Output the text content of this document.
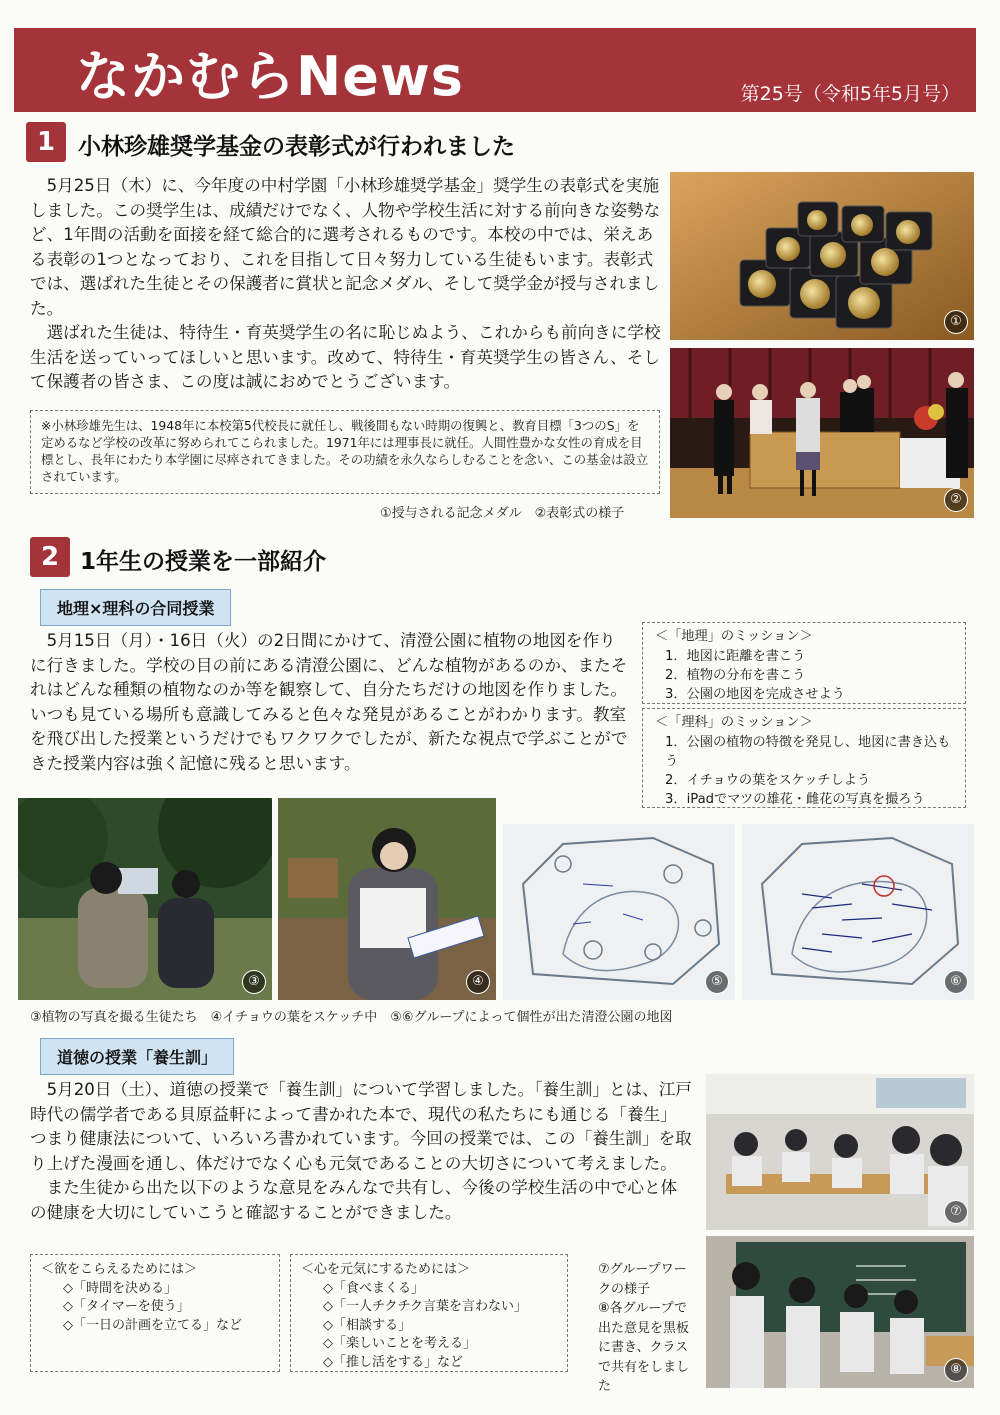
なかむらNews	第25号（令和5年5月号）
1 小林珍雄奨学基金の表彰式が行われました

5月25日（木）に、今年度の中村学園「小林珍雄奨学基金」奨学生の表彰式を実施しました。この奨学生は、成績だけでなく、人物や学校生活に対する前向きな姿勢など、1年間の活動を面接を経て総合的に選考されるものです。本校の中では、栄えある表彰の1つとなっており、これを目指して日々努力している生徒もいます。表彰式では、選ばれた生徒とその保護者に賞状と記念メダル、そして奨学金が授与されました。

選ばれた生徒は、特待生・育英奨学生の名に恥じぬよう、これからも前向きに学校生活を送っていってほしいと思います。改めて、特待生・育英奨学生の皆さん、そして保護者の皆さま、この度は誠におめでとうございます。

※小林珍雄先生は、1948年に本校第5代校長に就任し、戦後間もない時期の復興と、教育目標「3つのS」を定めるなど学校の改革に努められてこられました。1971年には理事長に就任。人間性豊かな女性の育成を目標とし、長年にわたり本学園に尽瘁されてきました。その功績を永久ならしむることを念い、この基金は設立されています。
①授与される記念メダル　②表彰式の様子
①
②
2 1年生の授業を一部紹介
地理×理科の合同授業

5月15日（月）・16日（火）の2日間にかけて、清澄公園に植物の地図を作りに行きました。学校の目の前にある清澄公園に、どんな植物があるのか、またそれはどんな種類の植物なのか等を観察して、自分たちだけの地図を作りました。いつも見ている場所も意識してみると色々な発見があることがわかります。教室を飛び出した授業というだけでもワクワクでしたが、新たな視点で学ぶことができた授業内容は強く記憶に残ると思います。

＜「地理」のミッション＞
1．地図に距離を書こう
2．植物の分布を書こう
3．公園の地図を完成させよう
＜「理科」のミッション＞
1．公園の植物の特徴を発見し、地図に書き込もう
2．イチョウの葉をスケッチしよう
3．iPadでマツの雄花・雌花の写真を撮ろう
③	④	⑤	⑥
③植物の写真を撮る生徒たち　④イチョウの葉をスケッチ中　⑤⑥グループによって個性が出た清澄公園の地図
道徳の授業「養生訓」

5月20日（土）、道徳の授業で「養生訓」について学習しました。「養生訓」とは、江戸時代の儒学者である貝原益軒によって書かれた本で、現代の私たちにも通じる「養生」つまり健康法について、いろいろ書かれています。今回の授業では、この「養生訓」を取り上げた漫画を通し、体だけでなく心も元気であることの大切さについて考えました。

また生徒から出た以下のような意見をみんなで共有し、今後の学校生活の中で心と体の健康を大切にしていこうと確認することができました。

＜欲をこらえるためには＞
◇「時間を決める」
◇「タイマーを使う」
◇「一日の計画を立てる」など
＜心を元気にするためには＞
◇「食べまくる」
◇「一人チクチク言葉を言わない」
◇「相談する」
◇「楽しいことを考える」
◇「推し活をする」など
⑦グループワークの様子
⑧各グループで出た意見を黒板に書き、クラスで共有をしました
⑦
⑧
